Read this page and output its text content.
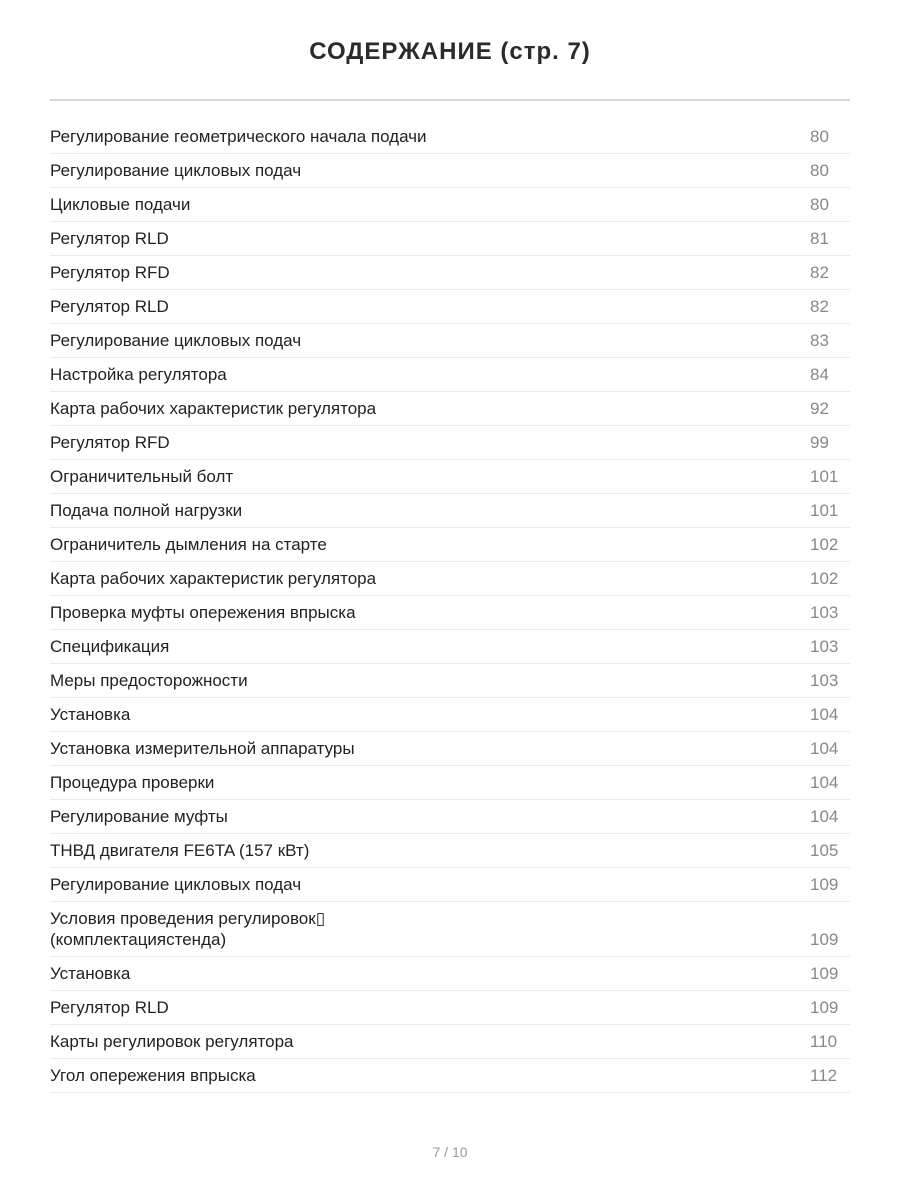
СОДЕРЖАНИЕ (стр. 7)
Регулирование геометрического начала подачи	80
Регулирование цикловых подач	80
Цикловые подачи	80
Регулятор RLD	81
Регулятор RFD	82
Регулятор RLD	82
Регулирование цикловых подач	83
Настройка регулятора	84
Карта рабочих характеристик регулятора	92
Регулятор RFD	99
Ограничительный болт	101
Подача полной нагрузки	101
Ограничитель дымления на старте	102
Карта рабочих характеристик регулятора	102
Проверка муфты опережения впрыска	103
Спецификация	103
Меры предосторожности	103
Установка	104
Установка измерительной аппаратуры	104
Процедура проверки	104
Регулирование муфты	104
ТНВД двигателя FE6TA (157 кВт)	105
Регулирование цикловых подач	109
Условия проведения регулировок▯ (комплектациястенда)	109
Установка	109
Регулятор RLD	109
Карты регулировок регулятора	110
Угол опережения впрыска	112
7 / 10
